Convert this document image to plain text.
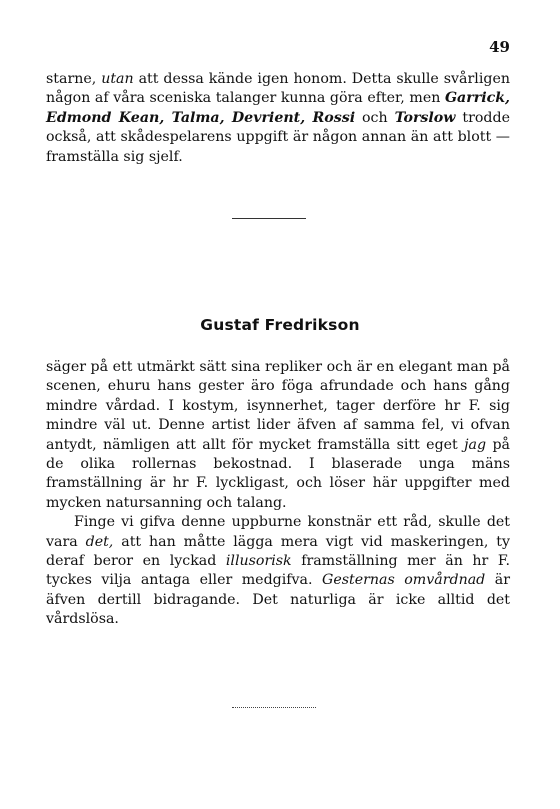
49

starne, utan att dessa kände igen honom. Detta skulle svårligen någon af våra sceniska talanger kunna göra efter, men Garrick, Edmond Kean, Talma, Devrient, Rossi och Torslow trodde också, att skådespelarens uppgift är någon annan än att blott — framställa sig sjelf.

Gustaf Fredrikson

säger på ett utmärkt sätt sina repliker och är en elegant man på scenen, ehuru hans gester äro föga afrundade och hans gång mindre vårdad. I kostym, isynnerhet, tager derföre hr F. sig mindre väl ut. Denne artist lider äfven af samma fel, vi ofvan antydt, nämligen att allt för mycket framställa sitt eget jag på de olika rollernas bekostnad. I blaserade unga mäns framställning är hr F. lyckligast, och löser här uppgifter med mycken natursanning och talang.

Finge vi gifva denne uppburne konstnär ett råd, skulle det vara det, att han måtte lägga mera vigt vid maskeringen, ty deraf beror en lyckad illusorisk framställning mer än hr F. tyckes vilja antaga eller medgifva. Gesternas omvårdnad är äfven dertill bidragande. Det naturliga är icke alltid det vårdslösa.
